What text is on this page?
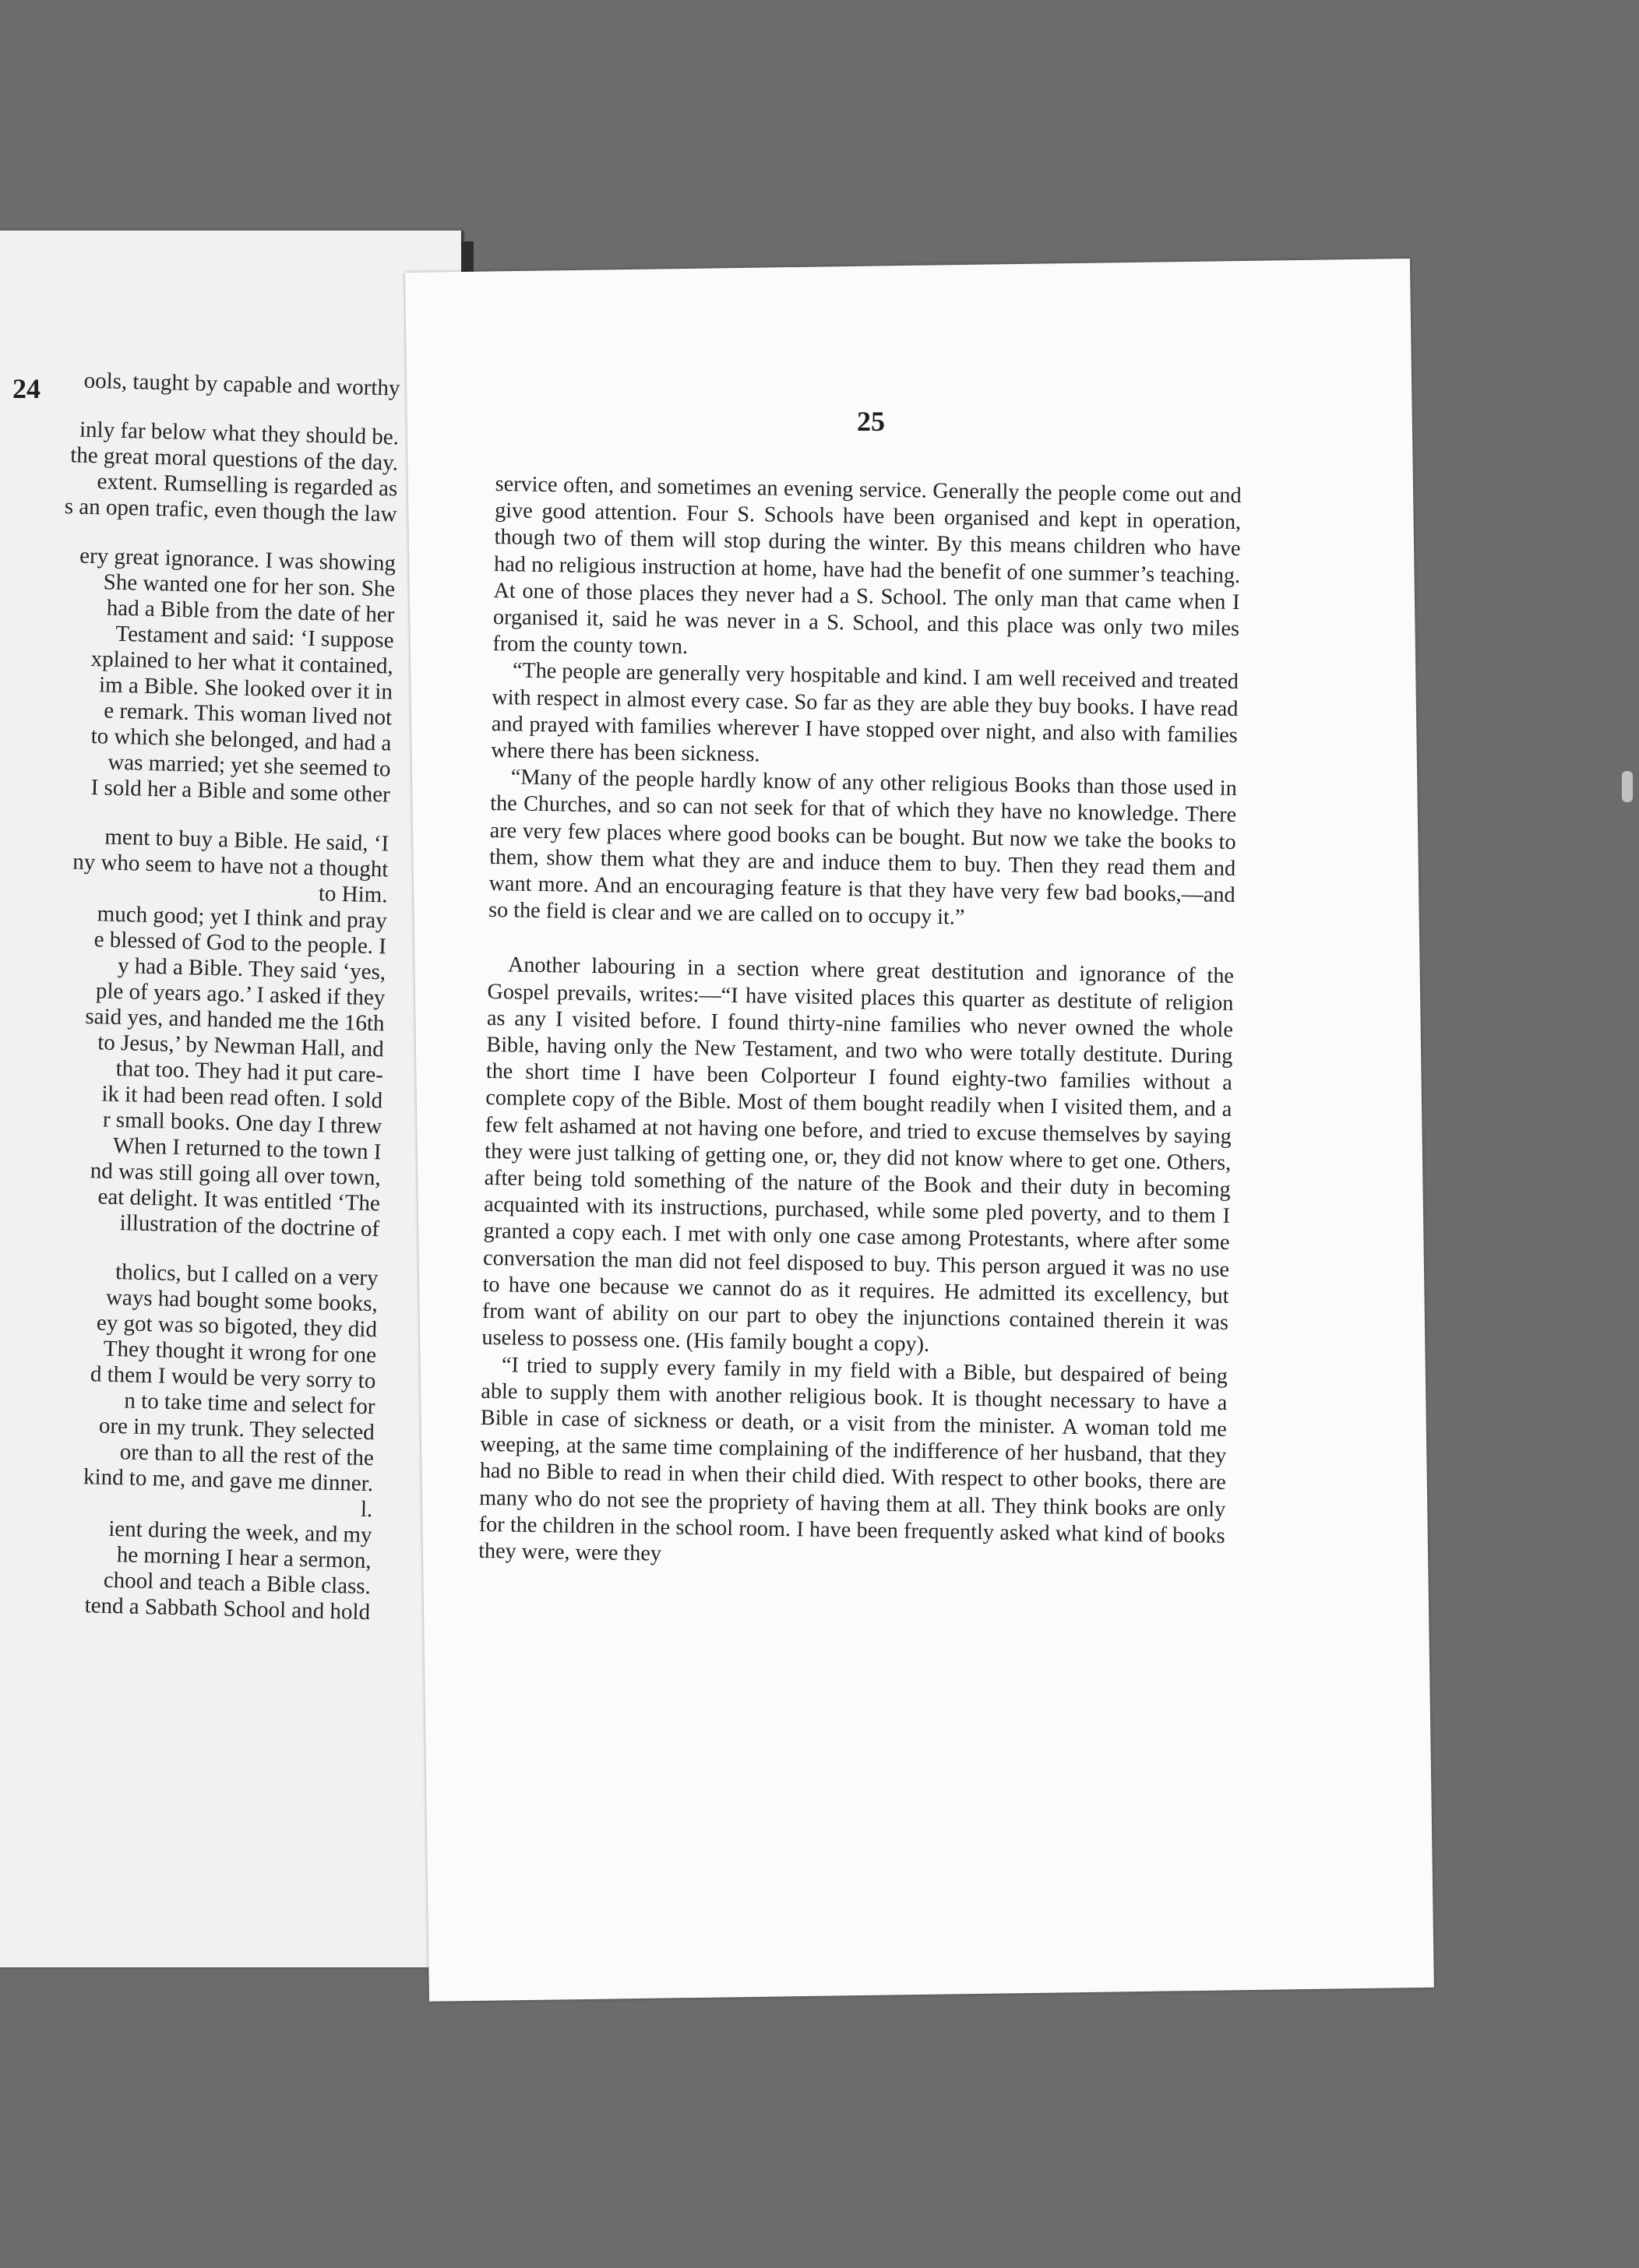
24	ools, taught by capable and worthy
inly far below what they should be.
the great moral questions of the day.
extent. Rumselling is regarded as
s an open trafic, even though the law
ery great ignorance. I was showing
She wanted one for her son. She
had a Bible from the date of her
Testament and said: ‘I suppose
xplained to her what it contained,
im a Bible. She looked over it in
e remark. This woman lived not
to which she belonged, and had a
was married; yet she seemed to
I sold her a Bible and some other
ment to buy a Bible. He said, ‘I
ny who seem to have not a thought
to Him.
much good; yet I think and pray
e blessed of God to the people. I
y had a Bible. They said ‘yes,
ple of years ago.’ I asked if they
said yes, and handed me the 16th
to Jesus,’ by Newman Hall, and
that too. They had it put care-
ik it had been read often. I sold
r small books. One day I threw
When I returned to the town I
nd was still going all over town,
eat delight. It was entitled ‘The
illustration of the doctrine of
tholics, but I called on a very
ways had bought some books,
ey got was so bigoted, they did
They thought it wrong for one
d them I would be very sorry to
n to take time and select for
ore in my trunk. They selected
ore than to all the rest of the
kind to me, and gave me dinner.
l.
ient during the week, and my
he morning I hear a sermon,
chool and teach a Bible class.
tend a Sabbath School and hold
25

service often, and sometimes an evening service. Generally the people come out and give good attention. Four S. Schools have been organised and kept in operation, though two of them will stop during the winter. By this means children who have had no religious instruction at home, have had the benefit of one summer’s teaching. At one of those places they never had a S. School. The only man that came when I organised it, said he was never in a S. School, and this place was only two miles from the county town.

“The people are generally very hospitable and kind. I am well received and treated with respect in almost every case. So far as they are able they buy books. I have read and prayed with families wherever I have stopped over night, and also with families where there has been sickness.

“Many of the people hardly know of any other religious Books than those used in the Churches, and so can not seek for that of which they have no knowledge. There are very few places where good books can be bought. But now we take the books to them, show them what they are and induce them to buy. Then they read them and want more. And an encouraging feature is that they have very few bad books,—and so the field is clear and we are called on to occupy it.”

Another labouring in a section where great destitution and ignorance of the Gospel prevails, writes:—“I have visited places this quarter as destitute of religion as any I visited before. I found thirty-nine families who never owned the whole Bible, having only the New Testament, and two who were totally destitute. During the short time I have been Colporteur I found eighty-two families without a complete copy of the Bible. Most of them bought readily when I visited them, and a few felt ashamed at not having one before, and tried to excuse themselves by saying they were just talking of getting one, or, they did not know where to get one. Others, after being told something of the nature of the Book and their duty in becoming acquainted with its instructions, purchased, while some pled poverty, and to them I granted a copy each. I met with only one case among Protestants, where after some conversation the man did not feel disposed to buy. This person argued it was no use to have one because we cannot do as it requires. He admitted its excellency, but from want of ability on our part to obey the injunctions contained therein it was useless to possess one. (His family bought a copy).

“I tried to supply every family in my field with a Bible, but despaired of being able to supply them with another religious book. It is thought necessary to have a Bible in case of sickness or death, or a visit from the minister. A woman told me weeping, at the same time complaining of the indifference of her husband, that they had no Bible to read in when their child died. With respect to other books, there are many who do not see the propriety of having them at all. They think books are only for the children in the school room. I have been frequently asked what kind of books they were, were they
